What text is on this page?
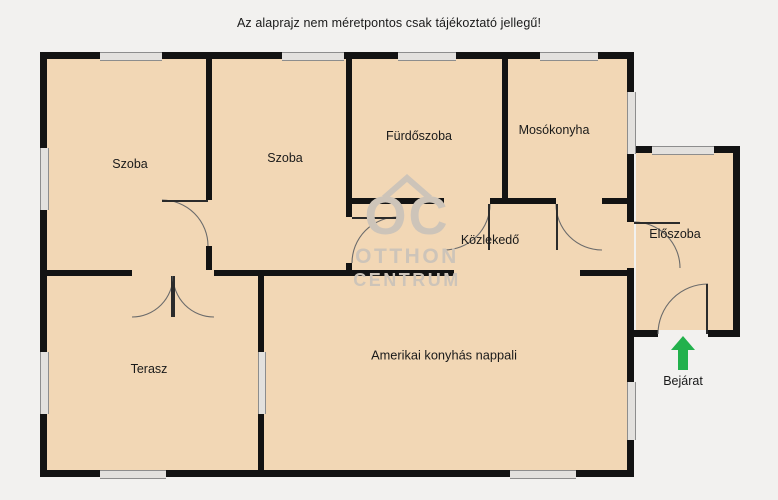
Az alaprajz nem méretpontos csak tájékoztató jellegű!
Szoba	Szoba
Fürdőszoba	Mosókonyha
Előszoba
Közlekedő
Terasz
Amerikai konyhás nappali
Bejárat
OC
OTTHON
CENTRUM
